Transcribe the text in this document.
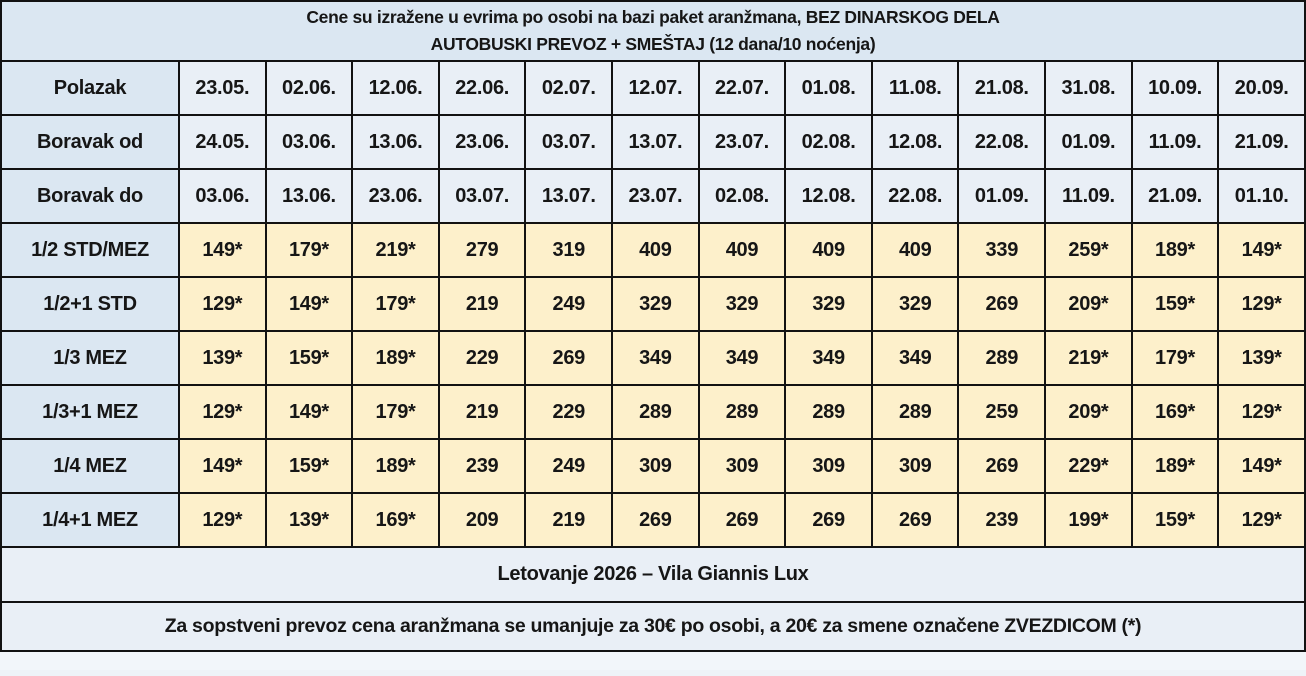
Cene su izražene u evrima po osobi na bazi paket aranžmana, BEZ DINARSKOG DELA
AUTOBUSKI PREVOZ + SMEŠTAJ (12 dana/10 noćenja)													

Polazak	23.05.	02.06.	12.06.	22.06.	02.07.	12.07.	22.07.	01.08.	11.08.	21.08.	31.08.	10.09.	20.09.
Boravak od	24.05.	03.06.	13.06.	23.06.	03.07.	13.07.	23.07.	02.08.	12.08.	22.08.	01.09.	11.09.	21.09.
Boravak do	03.06.	13.06.	23.06.	03.07.	13.07.	23.07.	02.08.	12.08.	22.08.	01.09.	11.09.	21.09.	01.10.
1/2 STD/MEZ	149*	179*	219*	279	319	409	409	409	409	339	259*	189*	149*
1/2+1 STD	129*	149*	179*	219	249	329	329	329	329	269	209*	159*	129*
1/3 MEZ	139*	159*	189*	229	269	349	349	349	349	289	219*	179*	139*
1/3+1 MEZ	129*	149*	179*	219	229	289	289	289	289	259	209*	169*	129*
1/4 MEZ	149*	159*	189*	239	249	309	309	309	309	269	229*	189*	149*
1/4+1 MEZ	129*	139*	169*	209	219	269	269	269	269	239	199*	159*	129*
Letovanje 2026 – Vila Giannis Lux													
Za sopstveni prevoz cena aranžmana se umanjuje za 30€ po osobi, a 20€ za smene označene ZVEZDICOM (*)													
